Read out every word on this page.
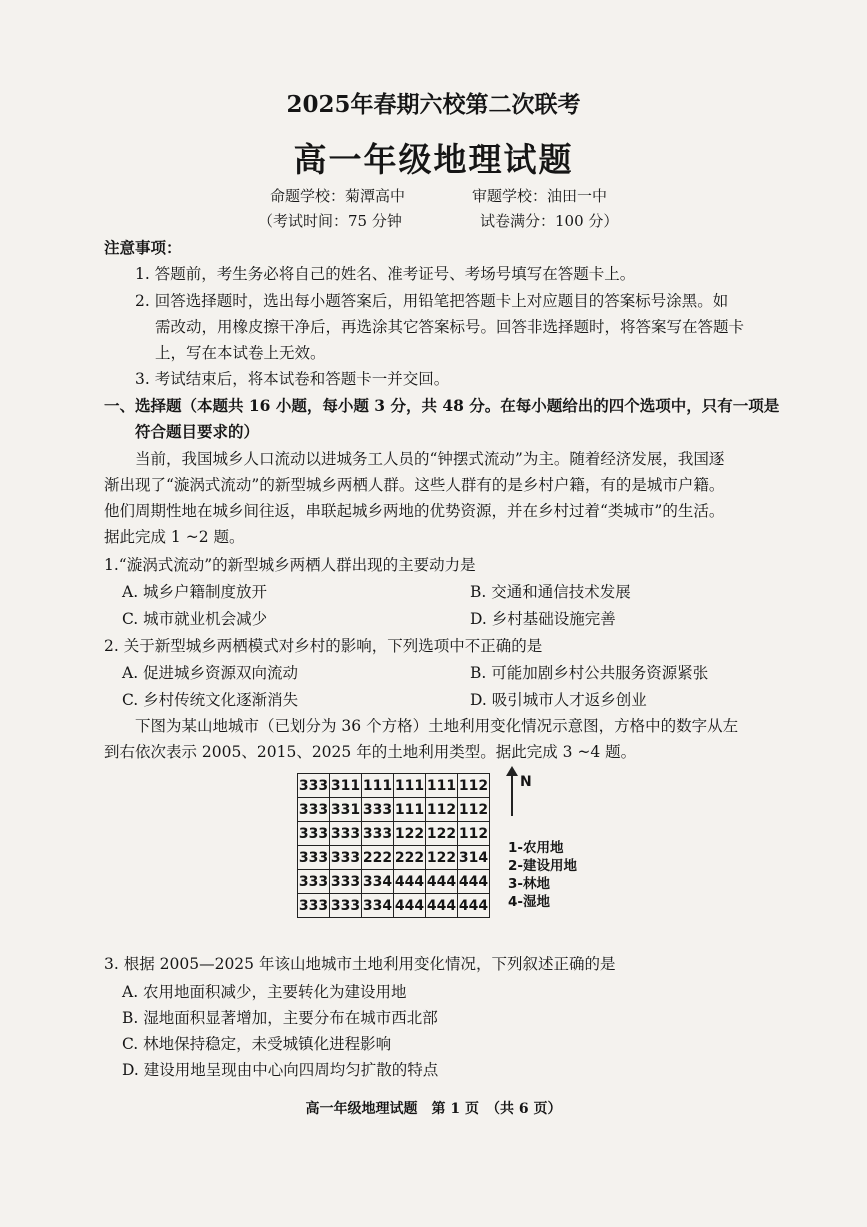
2025年春期六校第二次联考
高一年级地理试题
命题学校：菊潭高中	审题学校：油田一中
（考试时间：75 分钟	试卷满分：100 分）
注意事项：
1. 答题前，考生务必将自己的姓名、准考证号、考场号填写在答题卡上。
2. 回答选择题时，选出每小题答案后，用铅笔把答题卡上对应题目的答案标号涂黑。如
需改动，用橡皮擦干净后，再选涂其它答案标号。回答非选择题时，将答案写在答题卡
上，写在本试卷上无效。
3. 考试结束后，将本试卷和答题卡一并交回。
一、选择题（本题共 16 小题，每小题 3 分，共 48 分。在每小题给出的四个选项中，只有一项是
符合题目要求的）
当前，我国城乡人口流动以进城务工人员的“钟摆式流动”为主。随着经济发展，我国逐
渐出现了“漩涡式流动”的新型城乡两栖人群。这些人群有的是乡村户籍，有的是城市户籍。
他们周期性地在城乡间往返，串联起城乡两地的优势资源，并在乡村过着“类城市”的生活。
据此完成 1 ~2 题。
1.“漩涡式流动”的新型城乡两栖人群出现的主要动力是
A. 城乡户籍制度放开	B. 交通和通信技术发展
C. 城市就业机会减少	D. 乡村基础设施完善
2. 关于新型城乡两栖模式对乡村的影响，下列选项中不正确的是
A. 促进城乡资源双向流动	B. 可能加剧乡村公共服务资源紧张
C. 乡村传统文化逐渐消失	D. 吸引城市人才返乡创业
下图为某山地城市（已划分为 36 个方格）土地利用变化情况示意图，方格中的数字从左
到右依次表示 2005、2015、2025 年的土地利用类型。据此完成 3 ~4 题。
333	311	111	111	111	112
333	331	333	111	112	112
333	333	333	122	122	112
333	333	222	222	122	314
333	333	334	444	444	444
333	333	334	444	444	444
N
1-农用地
2-建设用地
3-林地
4-湿地
3. 根据 2005—2025 年该山地城市土地利用变化情况，下列叙述正确的是
A. 农用地面积减少，主要转化为建设用地
B. 湿地面积显著增加，主要分布在城市西北部
C. 林地保持稳定，未受城镇化进程影响
D. 建设用地呈现由中心向四周均匀扩散的特点
高一年级地理试题　第 1 页　（共 6 页）
